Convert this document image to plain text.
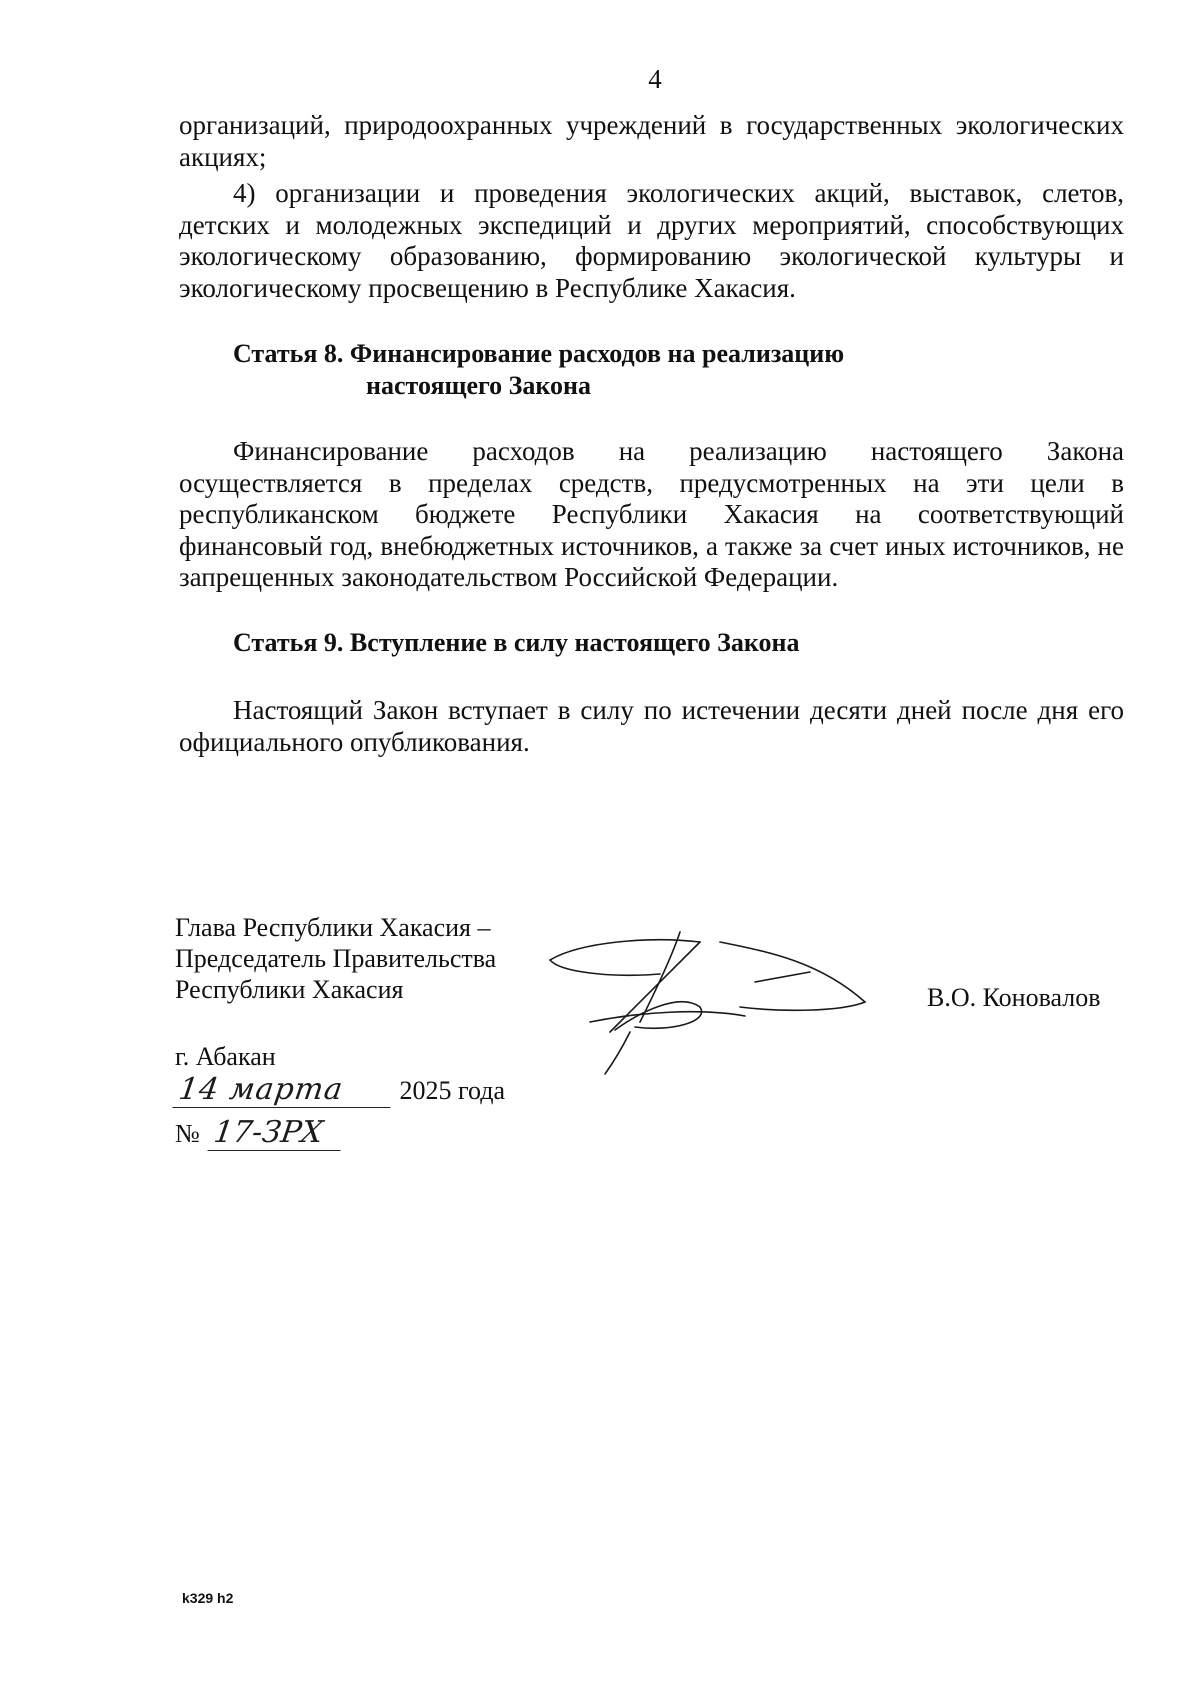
4

организаций, природоохранных учреждений в государственных экологических акциях;

4) организации и проведения экологических акций, выставок, слетов, детских и молодежных экспедиций и других мероприятий, способствующих экологическому образованию, формированию экологической культуры и экологическому просвещению в Республике Хакасия.

Статья 8. Финансирование расходов на реализацию
настоящего Закона

Финансирование расходов на реализацию настоящего Закона осуществляется в пределах средств, предусмотренных на эти цели в республиканском бюджете Республики Хакасия на соответствующий финансовый год, внебюджетных источников, а также за счет иных источников, не запрещенных законодательством Российской Федерации.

Статья 9. Вступление в силу настоящего Закона

Настоящий Закон вступает в силу по истечении десяти дней после дня его официального опубликования.

Глава Республики Хакасия –
Председатель Правительства
Республики Хакасия	В.О. Коновалов
г. Абакан
14 марта 2025 года
№ 17-ЗРХ
k329 h2
